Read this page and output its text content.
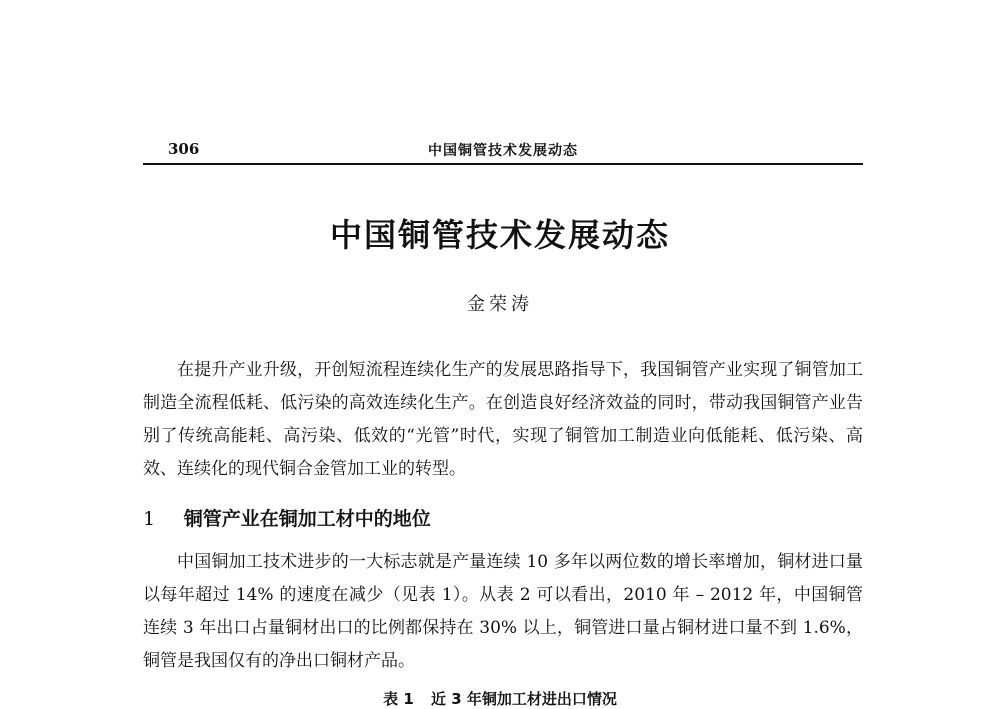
306	中国铜管技术发展动态
中国铜管技术发展动态
金荣涛

在提升产业升级，开创短流程连续化生产的发展思路指导下，我国铜管产业实现了铜管加工制造全流程低耗、低污染的高效连续化生产。在创造良好经济效益的同时，带动我国铜管产业告别了传统高能耗、高污染、低效的“光管”时代，实现了铜管加工制造业向低能耗、低污染、高效、连续化的现代铜合金管加工业的转型。

1 铜管产业在铜加工材中的地位

中国铜加工技术进步的一大标志就是产量连续 10 多年以两位数的增长率增加，铜材进口量以每年超过 14% 的速度在减少（见表 1）。从表 2 可以看出，2010 年 – 2012 年，中国铜管连续 3 年出口占量铜材出口的比例都保持在 30% 以上，铜管进口量占铜材进口量不到 1.6%，铜管是我国仅有的净出口铜材产品。

表 1 近 3 年铜加工材进出口情况
